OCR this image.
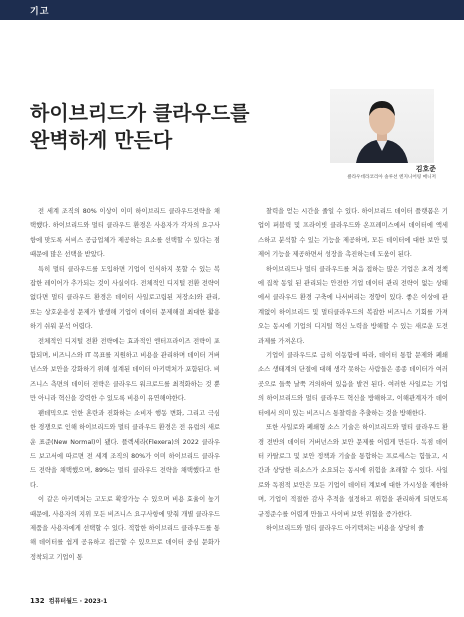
기고
하이브리드가 클라우드를
완벽하게 만든다
김호준
클라우데라코리아 솔루션 엔지니어링 매니저

전 세계 조직의 80% 이상이 이미 하이브리드 클라우드전략을 채택했다. 하이브리드와 멀티 클라우드 환경은 사용자가 각자의 요구사항에 맞도록 서비스 공급업체가 제공하는 요소를 선택할 수 있다는 점 때문에 많은 선택을 받았다.

특히 멀티 클라우드를 도입하면 기업이 인식하지 못할 수 있는 복잡한 레이어가 추가되는 것이 사실이다. 전체적인 디지털 전환 전략이 없다면 멀티 클라우드 환경은 데이터 사일로고립된 저장소)와 관리, 또는 상호운용성 문제가 발생해 기업이 데이터 문제해결 최대한 활용하기 쉬워 분석 어렵다.

전체적인 디지털 전환 전략에는 효과적인 엔터프라이즈 전략이 포함되며, 비즈니스와 IT 목표를 지원하고 비용을 관리하며 데이터 거버넌스와 보안을 강화하기 위해 설계된 데이터 아키텍처가 포함된다. 비즈니스 측면의 데이터 전략은 클라우드 워크로드를 최적화하는 것 뿐만 아니라 혁신을 강력한 수 있도록 비용이 유연해야한다.

팬데믹으로 인한 혼란과 진화하는 소비자 행동 변화, 그리고 극심한 경쟁으로 인해 하이브리드와 멀티 클라우드 환경은 전 유럽의 새로운 표준(New Normal)이 됐다. 플렉세라(Flexera)의 2022 클라우드 보고서에 따르면 전 세계 조직의 80%가 이미 하이브리드 클라우드 전략을 채택했으며, 89%는 멀티 클라우드 전략을 채택했다고 한다.

이 같은 아키텍처는 고도로 확장가능 수 있으며 비용 효율이 높기 때문에, 사용자의 지위 모든 비즈니스 요구사항에 맞춰 개별 클라우드 제품을 사용자에게 선택할 수 있다. 적합한 하이브리드 클라우드를 통해 데이터를 쉽게 공유하고 접근할 수 있으므로 데이터 중심 문화가 정착되고 기업이 통

찰력을 얻는 시간을 줄일 수 있다. 하이브리드 데이터 플랫폼은 기업이 퍼블릭 및 프라이빗 클라우드와 온프레미스에서 데이터에 액세스하고 분석할 수 있는 기능을 제공하며, 모든 데이터에 대한 보안 및 제어 기능을 제공하면서 성장을 촉진하는데 도움이 된다.

하이브리드나 멀티 클라우드를 처음 접하는 많은 기업은 초격 정책에 집착 동일 된 관리되는 안전한 기업 데이터 관리 전략이 없는 상태에서 클라우드 환경 구축에 나서버리는 경향이 있다. 좋은 이상에 관계없이 하이브리드 및 멀티클라우드의 복잡한 비즈니스 기회를 가져오는 동시에 기업의 디지털 혁신 노력을 방해할 수 있는 새로운 도전 과제를 가져온다.

기업이 클라우드로 급히 이동함에 따라, 데이터 통합 문제와 폐쇄 소스 생태계의 단절에 대해 생각 못하는 사람들은 종종 데이터가 여러 곳으로 들쭉 날쭉 겨의하여 있음을 발견 된다. 여러한 사일로는 기업의 하이브리드와 멀티 클라우드 혁신을 방해하고, 이해관계자가 데이터에서 의미 있는 비즈니스 통찰력을 추출하는 것을 방해한다.

또한 사일로와 폐쇄형 소스 기술은 하이브리드와 멀티 클라우드 환경 전반의 데이터 거버넌스와 보안 문제를 어렵게 만든다. 독점 데이터 카탈로그 및 보안 정책과 기술을 통합하는 프로세스는 힘들고, 시간과 상당한 리소스가 소요되는 동시에 위험을 초래할 수 있다. 사일로와 독점적 보안은 모든 기업이 데이터 계보에 대한 가시성을 제한하며, 기업이 적절한 감사 추적을 설정하고 위험을 관리하게 되면도록 규정준수를 어렵게 만들고 사이버 보안 위협을 증가한다.

하이브리드와 멀티 클라우드 아키텍처는 비용을 상당히 줄

132 컴퓨터월드 · 2023·1
